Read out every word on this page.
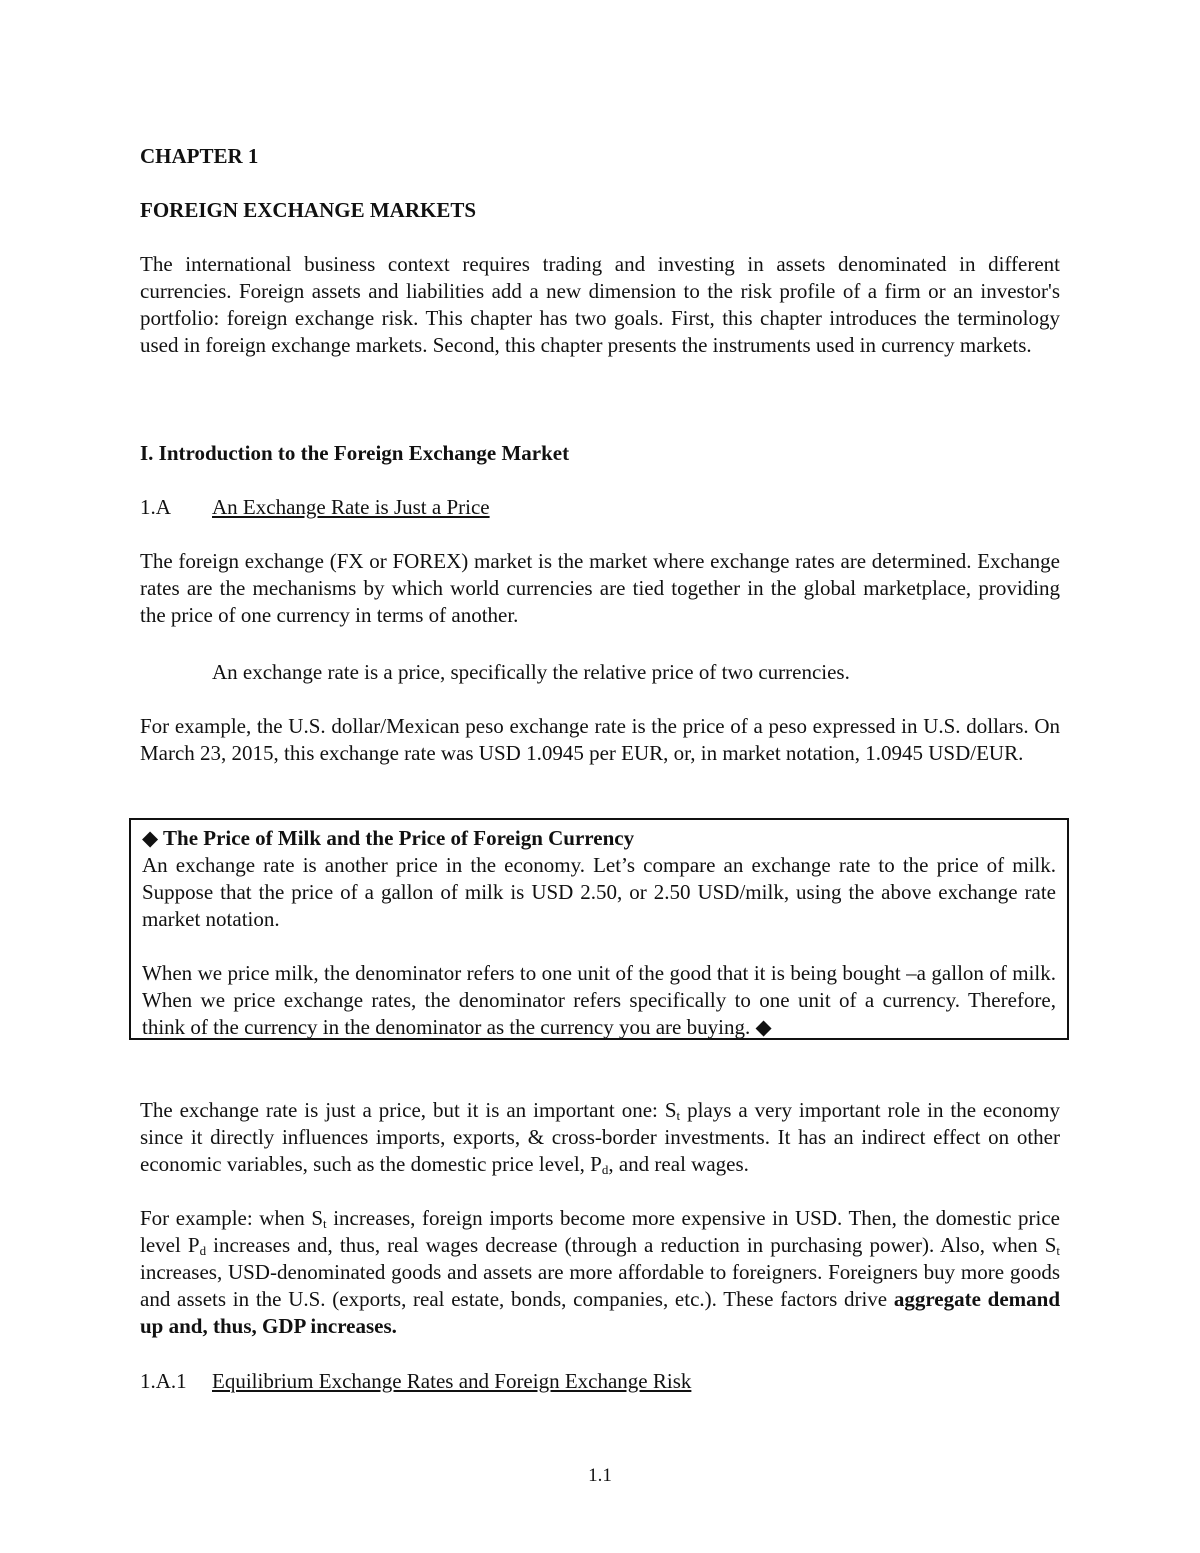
CHAPTER 1

FOREIGN EXCHANGE MARKETS

The international business context requires trading and investing in assets denominated in different currencies. Foreign assets and liabilities add a new dimension to the risk profile of a firm or an investor's portfolio: foreign exchange risk. This chapter has two goals. First, this chapter introduces the terminology used in foreign exchange markets. Second, this chapter presents the instruments used in currency markets.

I. Introduction to the Foreign Exchange Market

1.A An Exchange Rate is Just a Price

The foreign exchange (FX or FOREX) market is the market where exchange rates are determined. Exchange rates are the mechanisms by which world currencies are tied together in the global marketplace, providing the price of one currency in terms of another.

An exchange rate is a price, specifically the relative price of two currencies.

For example, the U.S. dollar/Mexican peso exchange rate is the price of a peso expressed in U.S. dollars. On March 23, 2015, this exchange rate was USD 1.0945 per EUR, or, in market notation, 1.0945 USD/EUR.

◆ The Price of Milk and the Price of Foreign Currency

An exchange rate is another price in the economy. Let’s compare an exchange rate to the price of milk. Suppose that the price of a gallon of milk is USD 2.50, or 2.50 USD/milk, using the above exchange rate market notation.

When we price milk, the denominator refers to one unit of the good that it is being bought –a gallon of milk. When we price exchange rates, the denominator refers specifically to one unit of a currency. Therefore, think of the currency in the denominator as the currency you are buying. ◆

The exchange rate is just a price, but it is an important one: $S_t$ plays a very important role in the economy since it directly influences imports, exports, & cross-border investments. It has an indirect effect on other economic variables, such as the domestic price level, $P_d$, and real wages.

For example: when $S_t$ increases, foreign imports become more expensive in USD. Then, the domestic price level $P_d$ increases and, thus, real wages decrease (through a reduction in purchasing power). Also, when $S_t$ increases, USD-denominated goods and assets are more affordable to foreigners. Foreigners buy more goods and assets in the U.S. (exports, real estate, bonds, companies, etc.). These factors drive aggregate demand up and, thus, GDP increases.

1.A.1 Equilibrium Exchange Rates and Foreign Exchange Risk

1.1
